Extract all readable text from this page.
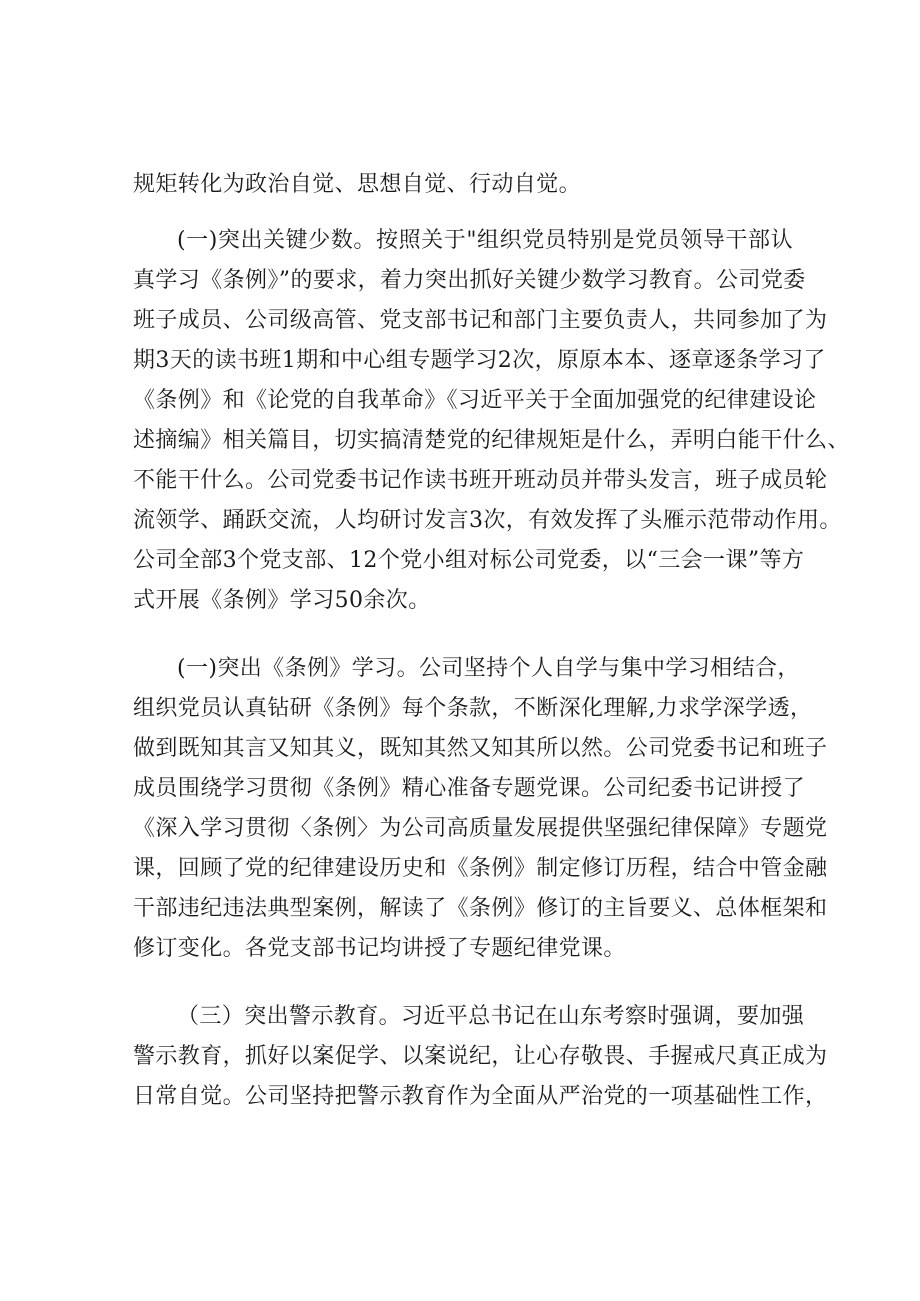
规矩转化为政治自觉、思想自觉、行动自觉。
(一)突出关键少数。按照关于"组织党员特别是党员领导干部认
真学习《条例》”的要求，着力突出抓好关键少数学习教育。公司党委
班子成员、公司级高管、党支部书记和部门主要负责人，共同参加了为
期3天的读书班1期和中心组专题学习2次，原原本本、逐章逐条学习了
《条例》和《论党的自我革命》《习近平关于全面加强党的纪律建设论
述摘编》相关篇目，切实搞清楚党的纪律规矩是什么，弄明白能干什么、
不能干什么。公司党委书记作读书班开班动员并带头发言，班子成员轮
流领学、踊跃交流，人均研讨发言3次，有效发挥了头雁示范带动作用。
公司全部3个党支部、12个党小组对标公司党委，以“三会一课”等方
式开展《条例》学习50余次。
(一)突出《条例》学习。公司坚持个人自学与集中学习相结合，
组织党员认真钻研《条例》每个条款，不断深化理解,力求学深学透，
做到既知其言又知其义，既知其然又知其所以然。公司党委书记和班子
成员围绕学习贯彻《条例》精心准备专题党课。公司纪委书记讲授了
《深入学习贯彻〈条例〉为公司高质量发展提供坚强纪律保障》专题党
课，回顾了党的纪律建设历史和《条例》制定修订历程，结合中管金融
干部违纪违法典型案例，解读了《条例》修订的主旨要义、总体框架和
修订变化。各党支部书记均讲授了专题纪律党课。
（三）突出警示教育。习近平总书记在山东考察时强调，要加强
警示教育，抓好以案促学、以案说纪，让心存敬畏、手握戒尺真正成为
日常自觉。公司坚持把警示教育作为全面从严治党的一项基础性工作，
